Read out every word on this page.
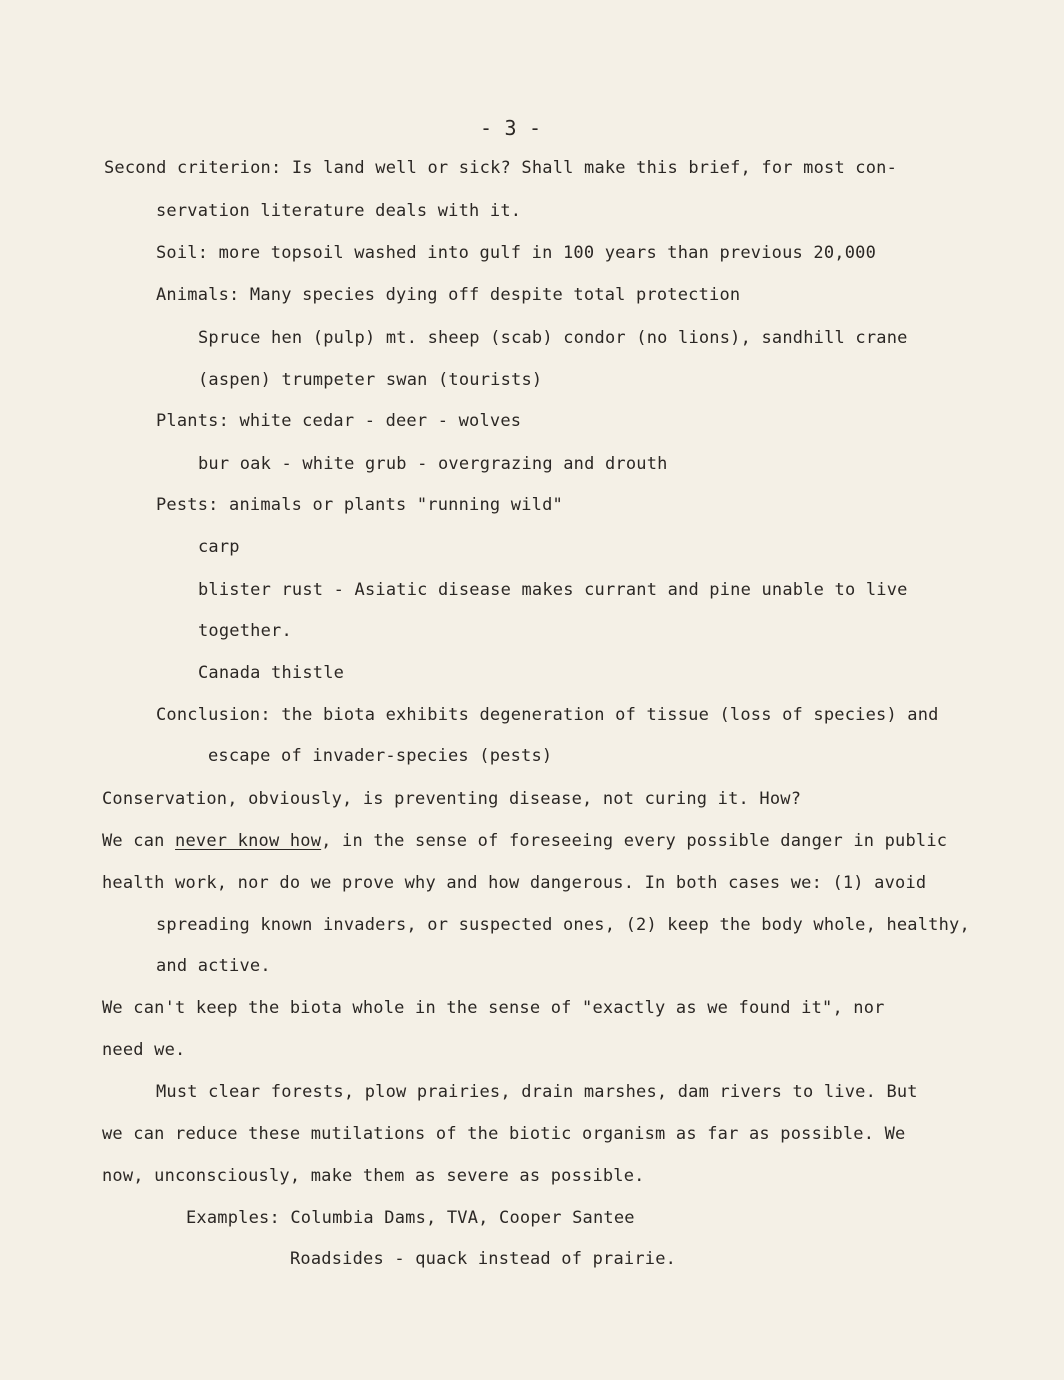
- 3 -
Second criterion: Is land well or sick? Shall make this brief, for most con-
servation literature deals with it.
Soil: more topsoil washed into gulf in 100 years than previous 20,000
Animals: Many species dying off despite total protection
Spruce hen (pulp) mt. sheep (scab) condor (no lions), sandhill crane
(aspen) trumpeter swan (tourists)
Plants: white cedar - deer - wolves
bur oak - white grub - overgrazing and drouth
Pests: animals or plants "running wild"
carp
blister rust - Asiatic disease makes currant and pine unable to live
together.
Canada thistle
Conclusion: the biota exhibits degeneration of tissue (loss of species) and
escape of invader-species (pests)
Conservation, obviously, is preventing disease, not curing it. How?
We can never know how, in the sense of foreseeing every possible danger in public
health work, nor do we prove why and how dangerous. In both cases we: (1) avoid
spreading known invaders, or suspected ones, (2) keep the body whole, healthy,
and active.
We can't keep the biota whole in the sense of "exactly as we found it", nor
need we.
Must clear forests, plow prairies, drain marshes, dam rivers to live. But
we can reduce these mutilations of the biotic organism as far as possible. We
now, unconsciously, make them as severe as possible.
Examples: Columbia Dams, TVA, Cooper Santee
Roadsides - quack instead of prairie.
